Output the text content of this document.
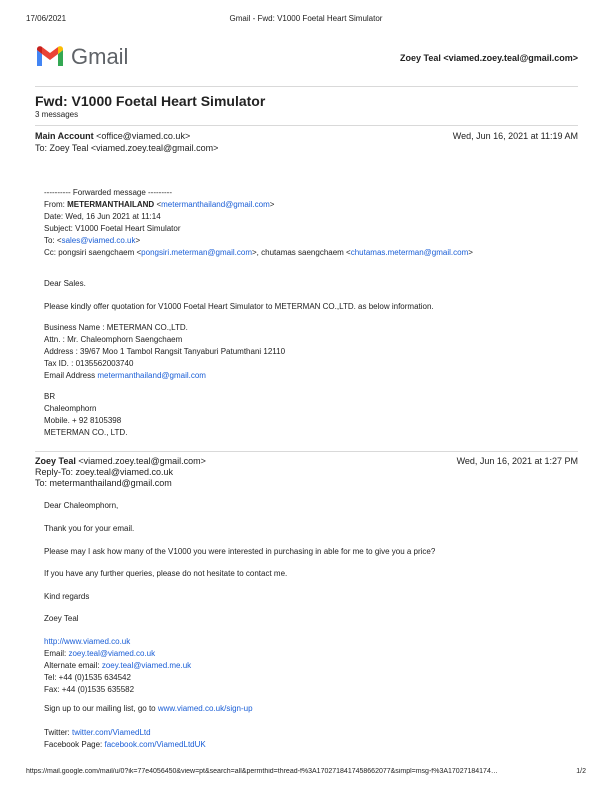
17/06/2021	Gmail - Fwd: V1000 Foetal Heart Simulator
Gmail	Zoey Teal <viamed.zoey.teal@gmail.com>
Fwd: V1000 Foetal Heart Simulator
3 messages
Main Account <office@viamed.co.uk>	Wed, Jun 16, 2021 at 11:19 AM
To: Zoey Teal <viamed.zoey.teal@gmail.com>
---------- Forwarded message ---------
From: METERMANTHAILAND <metermanthailand@gmail.com>
Date: Wed, 16 Jun 2021 at 11:14
Subject: V1000 Foetal Heart Simulator
To: <sales@viamed.co.uk>
Cc: pongsiri saengchaem <pongsiri.meterman@gmail.com>, chutamas saengchaem <chutamas.meterman@gmail.com>
Dear Sales.
Please kindly offer quotation for V1000 Foetal Heart Simulator to METERMAN CO.,LTD. as below information.
Business Name : METERMAN CO.,LTD.
Attn. : Mr. Chaleomphorn Saengchaem
Address : 39/67 Moo 1 Tambol Rangsit Tanyaburi Patumthani 12110
Tax ID. : 0135562003740
Email Address metermanthailand@gmail.com
BR
Chaleomphorn
Mobile. + 92 8105398
METERMAN CO., LTD.
Zoey Teal <viamed.zoey.teal@gmail.com>	Wed, Jun 16, 2021 at 1:27 PM
Reply-To: zoey.teal@viamed.co.uk
To: metermanthailand@gmail.com
Dear Chaleomphorn,
Thank you for your email.
Please may I ask how many of the V1000 you were interested in purchasing in able for me to give you a price?
If you have any further queries, please do not hesitate to contact me.
Kind regards
Zoey Teal
http://www.viamed.co.uk
Email: zoey.teal@viamed.co.uk
Alternate email: zoey.teal@viamed.me.uk
Tel: +44 (0)1535 634542
Fax: +44 (0)1535 635582
Sign up to our mailing list, go to www.viamed.co.uk/sign-up
Twitter: twitter.com/ViamedLtd
Facebook Page: facebook.com/ViamedLtdUK
https://mail.google.com/mail/u/0?ik=77e4056450&view=pt&search=all&permthid=thread-f%3A1702718417458662077&simpl=msg-f%3A17027184174…	1/2
